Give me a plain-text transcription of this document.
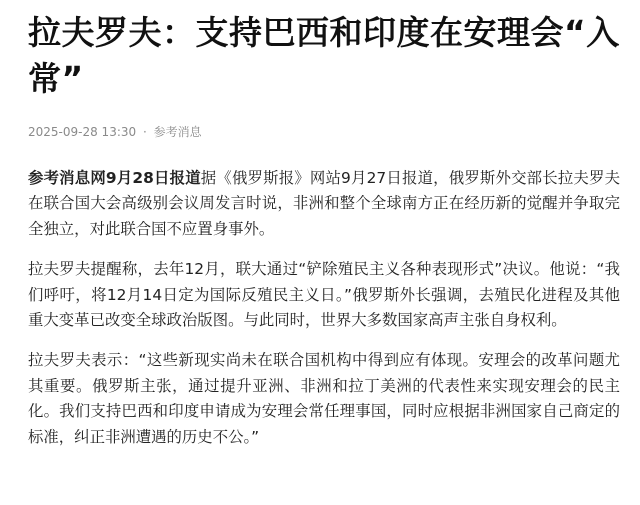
拉夫罗夫：支持巴西和印度在安理会“入常”
2025-09-28 13:30 · 参考消息

参考消息网9月28日报道据《俄罗斯报》网站9月27日报道，俄罗斯外交部长拉夫罗夫在联合国大会高级别会议周发言时说，非洲和整个全球南方正在经历新的觉醒并争取完全独立，对此联合国不应置身事外。

拉夫罗夫提醒称，去年12月，联大通过“铲除殖民主义各种表现形式”决议。他说：“我们呼吁，将12月14日定为国际反殖民主义日。”俄罗斯外长强调，去殖民化进程及其他重大变革已改变全球政治版图。与此同时，世界大多数国家高声主张自身权利。

拉夫罗夫表示：“这些新现实尚未在联合国机构中得到应有体现。安理会的改革问题尤其重要。俄罗斯主张，通过提升亚洲、非洲和拉丁美洲的代表性来实现安理会的民主化。我们支持巴西和印度申请成为安理会常任理事国，同时应根据非洲国家自己商定的标准，纠正非洲遭遇的历史不公。”
